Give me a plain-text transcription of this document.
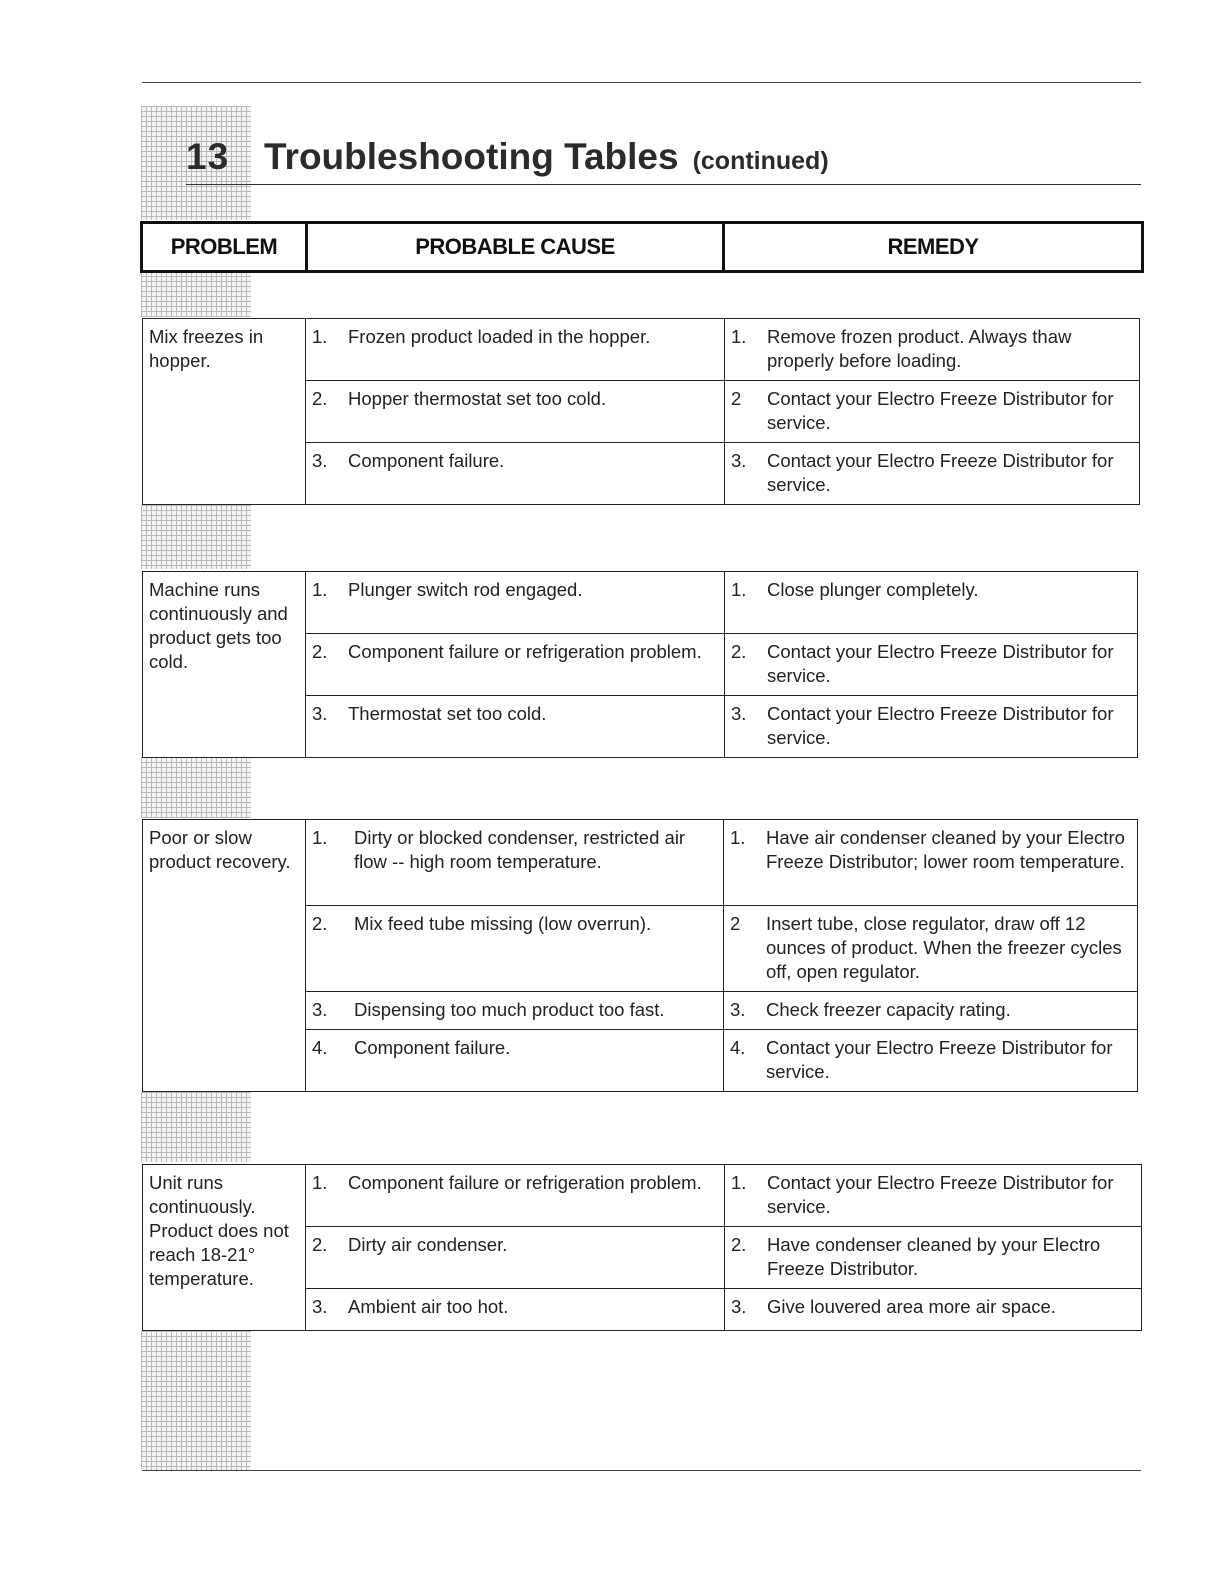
13 Troubleshooting Tables (continued)
PROBLEM	PROBABLE CAUSE	REMEDY
Mix freezes in hopper.	1. Frozen product loaded in the hopper.	1. Remove frozen product. Always thaw properly before loading.

	2. Hopper thermostat set too cold.	2 Contact your Electro Freeze Distributor for service.

	3. Component failure.	3. Contact your Electro Freeze Distributor for service.
Machine runs continuously and product gets too cold.	1. Plunger switch rod engaged.	1. Close plunger completely.

	2. Component failure or refrigeration problem.	2. Contact your Electro Freeze Distributor for service.

	3. Thermostat set too cold.	3. Contact your Electro Freeze Distributor for service.
Poor or slow product recovery.	1. Dirty or blocked condenser, restricted air flow -- high room temperature.	1. Have air condenser cleaned by your Electro Freeze Distributor; lower room temperature.

	2. Mix feed tube missing (low overrun).	2 Insert tube, close regulator, draw off 12 ounces of product. When the freezer cycles off, open regulator.

	3. Dispensing too much product too fast.	3. Check freezer capacity rating.

	4. Component failure.	4. Contact your Electro Freeze Distributor for service.
Unit runs continuously. Product does not reach 18-21° temperature.	1. Component failure or refrigeration problem.	1. Contact your Electro Freeze Distributor for service.

	2. Dirty air condenser.	2. Have condenser cleaned by your Electro Freeze Distributor.

	3. Ambient air too hot.	3. Give louvered area more air space.
